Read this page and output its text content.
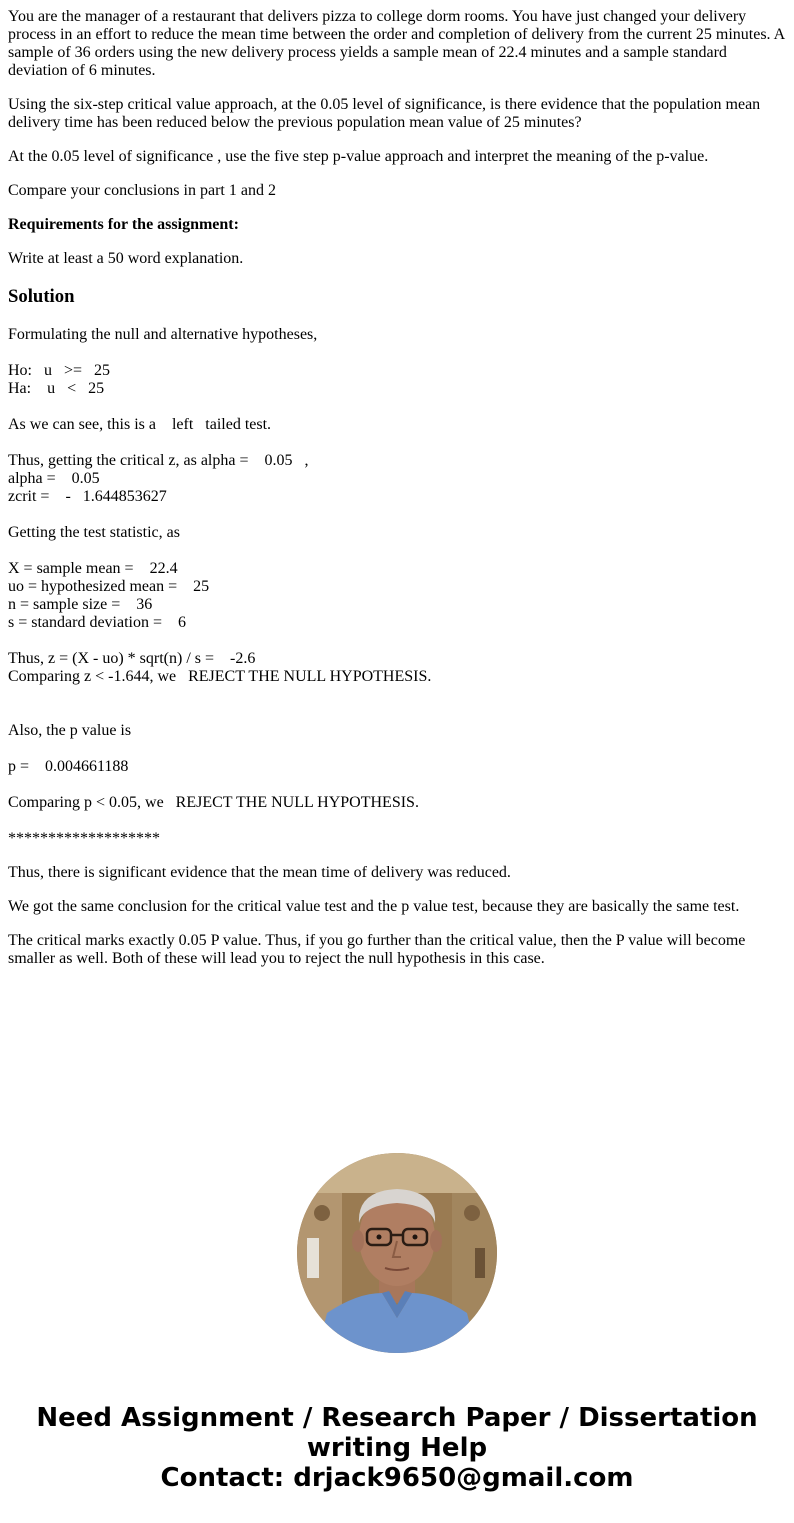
You are the manager of a restaurant that delivers pizza to college dorm rooms. You have just changed your delivery process in an effort to reduce the mean time between the order and completion of delivery from the current 25 minutes. A sample of 36 orders using the new delivery process yields a sample mean of 22.4 minutes and a sample standard deviation of 6 minutes.

Using the six-step critical value approach, at the 0.05 level of significance, is there evidence that the population mean delivery time has been reduced below the previous population mean value of 25 minutes?

At the 0.05 level of significance , use the five step p-value approach and interpret the meaning of the p-value.

Compare your conclusions in part 1 and 2

Requirements for the assignment:

Write at least a 50 word explanation.

Solution
Formulating the null and alternative hypotheses,
Ho:   u   >=   25
Ha:    u   <   25
As we can see, this is a    left   tailed test.
Thus, getting the critical z, as alpha =    0.05   ,
alpha =    0.05
zcrit =    -   1.644853627
Getting the test statistic, as
X = sample mean =    22.4
uo = hypothesized mean =    25
n = sample size =    36
s = standard deviation =    6
Thus, z = (X - uo) * sqrt(n) / s =    -2.6
Comparing z < -1.644, we   REJECT THE NULL HYPOTHESIS.
Also, the p value is
p =    0.004661188
Comparing p < 0.05, we   REJECT THE NULL HYPOTHESIS.

*******************

Thus, there is significant evidence that the mean time of delivery was reduced.

We got the same conclusion for the critical value test and the p value test, because they are basically the same test.

The critical marks exactly 0.05 P value. Thus, if you go further than the critical value, then the P value will become smaller as well. Both of these will lead you to reject the null hypothesis in this case.

Need Assignment / Research Paper / Dissertation
writing Help
Contact: drjack9650@gmail.com
